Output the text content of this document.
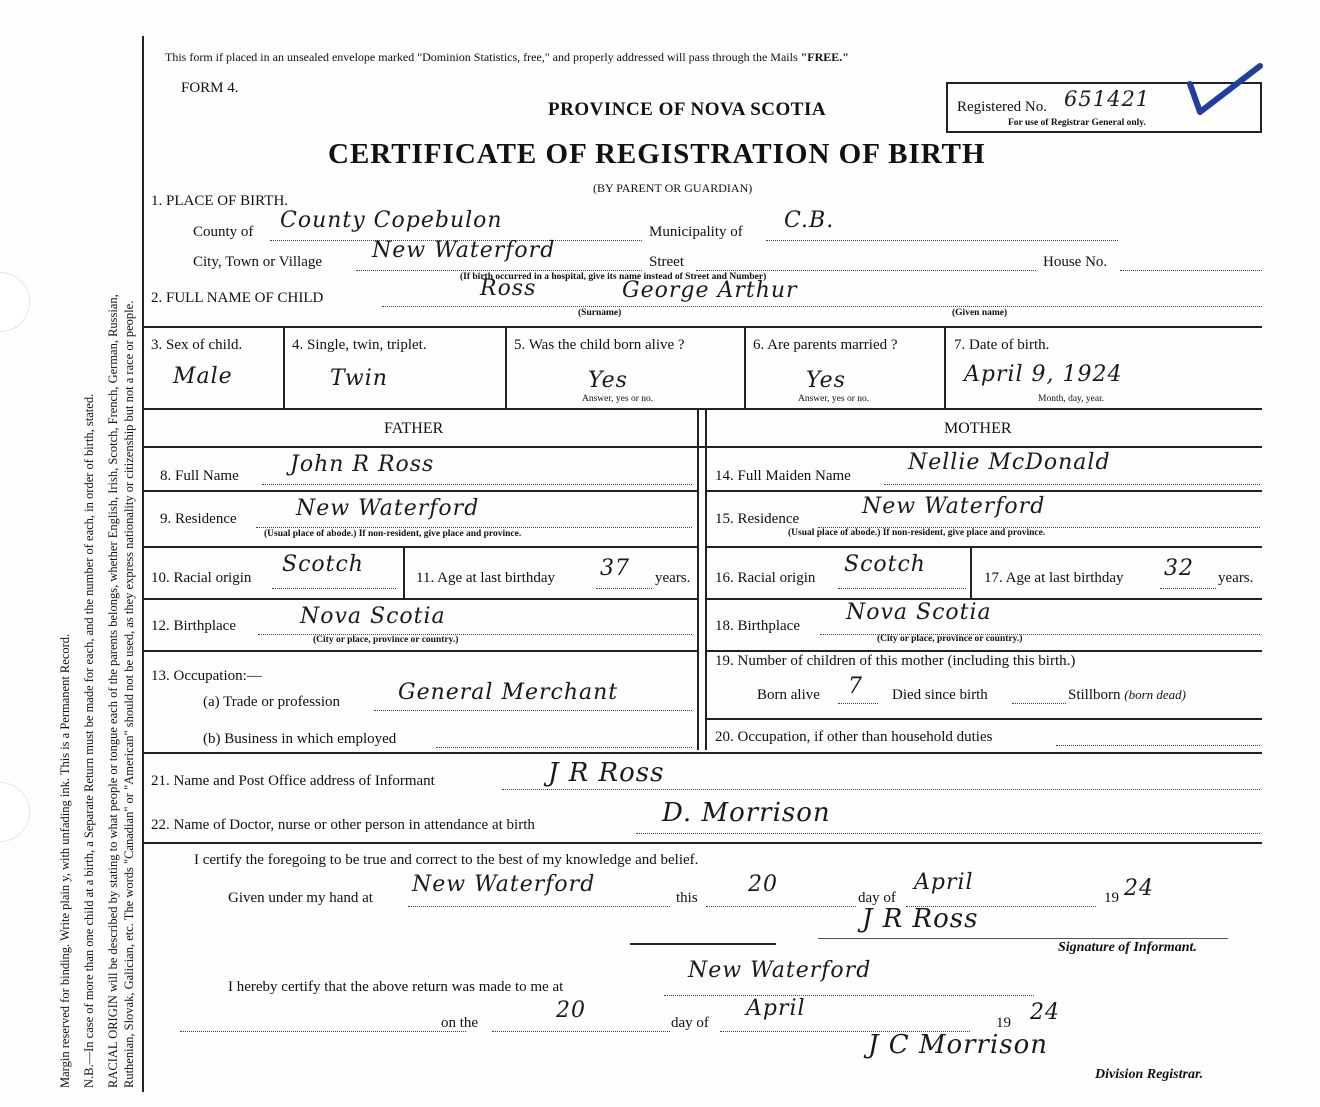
Margin reserved for binding. Write plain y, with unfading ink. This is a Permanent Record. N.B.—In case of more than one child at a birth, a Separate Return must be made for each, and the number of each, in order of birth, stated. RACIAL ORIGIN will be described by stating to what people or tongue each of the parents belongs, whether English, Irish, Scotch, French, German, Russian, Ruthenian, Slovak, Galician, etc. The words "Canadian" or "American" should not be used, as they express nationality or citizenship but not a race or people.
This form if placed in an unsealed envelope marked "Dominion Statistics, free," and properly addressed will pass through the Mails "FREE."
FORM 4.
PROVINCE OF NOVA SCOTIA
CERTIFICATE OF REGISTRATION OF BIRTH
(BY PARENT OR GUARDIAN)
Registered No. 651421
For use of Registrar General only.
1. PLACE OF BIRTH.
County of County Copebulon	Municipality of C.B.
City, Town or Village New Waterford	Street	House No.
(If birth occurred in a hospital, give its name instead of Street and Number)
2. FULL NAME OF CHILD	Ross	George Arthur
(Surname)	(Given name)
3. Sex of child.
Male
4. Single, twin, triplet.
Twin
5. Was the child born alive ?
Yes
Answer, yes or no.
6. Are parents married ?
Yes
Answer, yes or no.
7. Date of birth.
April 9, 1924
Month, day, year.
FATHER	MOTHER
8. Full Name John R Ross
9. Residence	New Waterford
(Usual place of abode.) If non-resident, give place and province.
10. Racial origin
Scotch
11. Age at last birthday 37 years.
12. Birthplace	Nova Scotia
(City or place, province or country.)
13. Occupation:—
(a) Trade or profession	General Merchant
(b) Business in which employed
14. Full Maiden Name
Nellie McDonald
15. Residence	New Waterford
(Usual place of abode.) If non-resident, give place and province.
16. Racial origin
Scotch
17. Age at last birthday 32 years.
18. Birthplace
Nova Scotia
(City or place, province or country.)
19. Number of children of this mother (including this birth.)
Born alive 7 Died since birth	Stillborn (born dead)
20. Occupation, if other than household duties
21. Name and Post Office address of Informant	J R Ross
22. Name of Doctor, nurse or other person in attendance at birth	D. Morrison
I certify the foregoing to be true and correct to the best of my knowledge and belief.
Given under my hand at
New Waterford
this
20
day of
April
19 24
J R Ross
Signature of Informant.
I hereby certify that the above return was made to me at
New Waterford
on the	20	day of
April
19 24
J C Morrison
Division Registrar.
